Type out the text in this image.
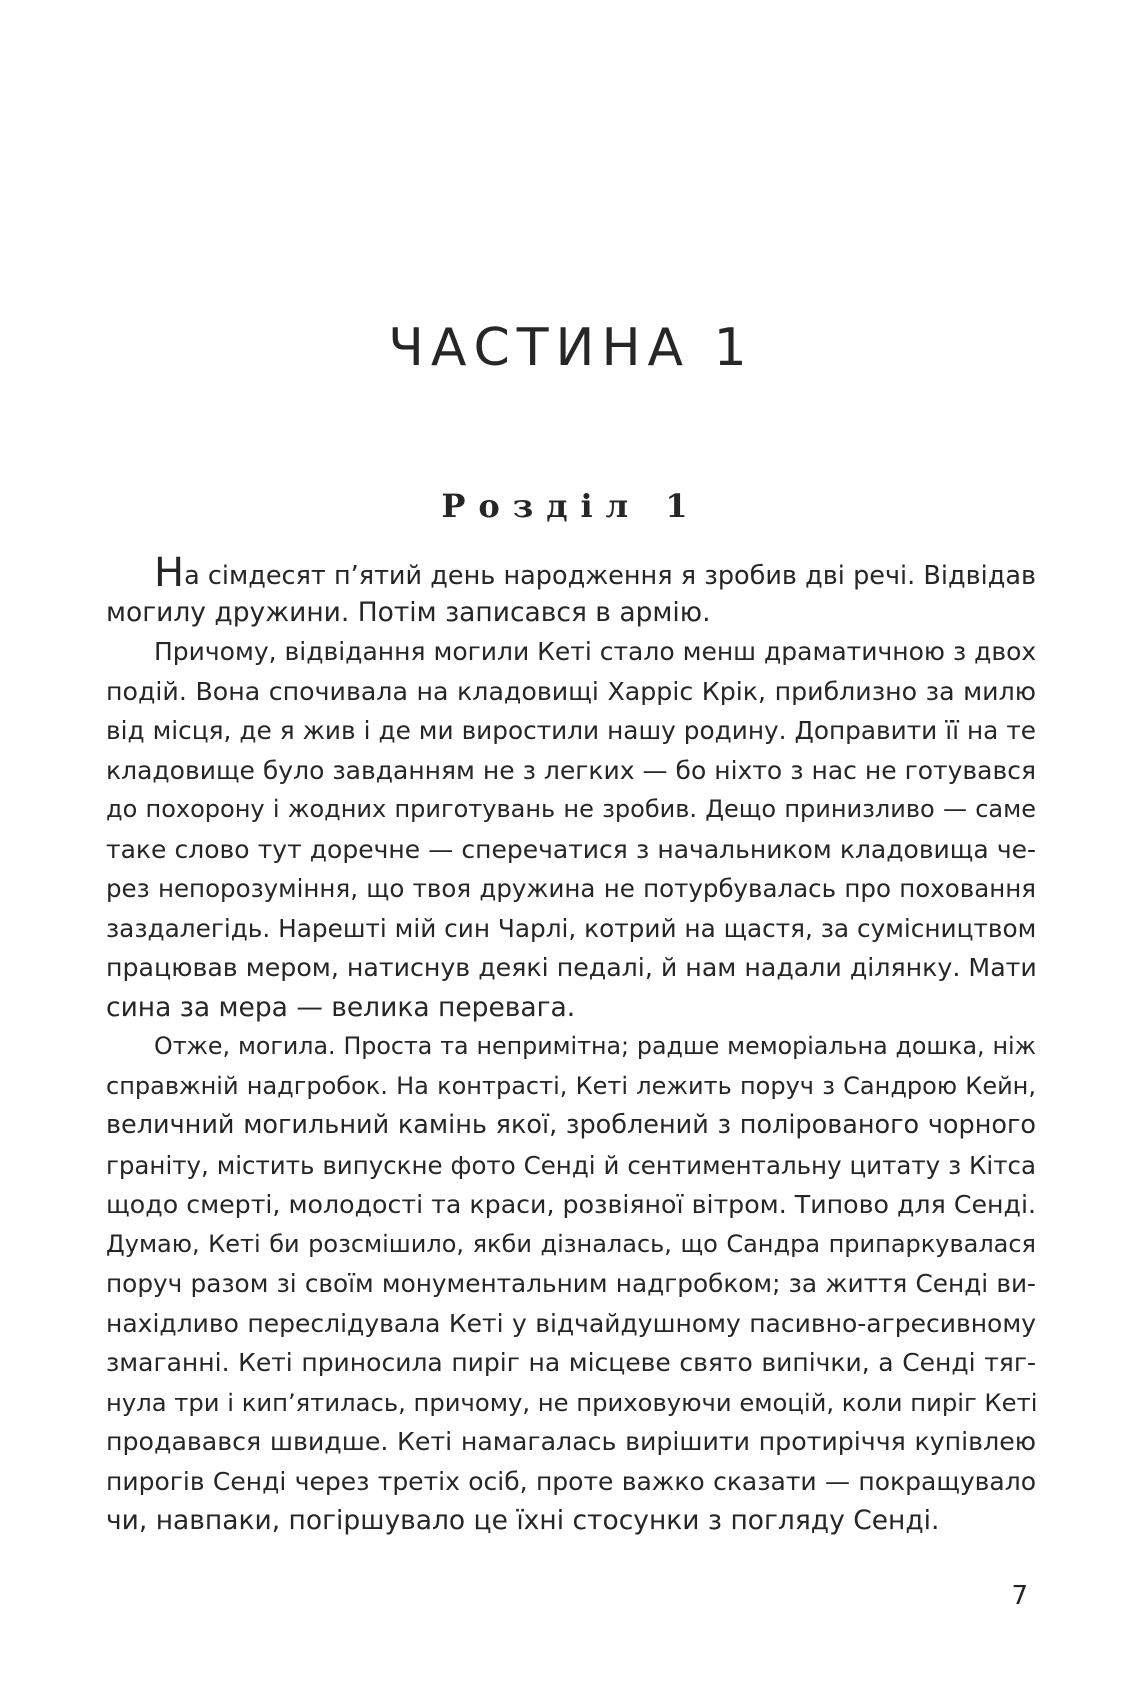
ЧАСТИНА 1
Розділ 1
На сімдесят п’ятий день народження я зробив дві речі. Відвідав
могилу дружини. Потім записався в армію.
Причому, відвідання могили Кеті стало менш драматичною з двох
подій. Вона спочивала на кладовищі Харріс Крік, приблизно за милю
від місця, де я жив і де ми виростили нашу родину. Доправити її на те
кладовище було завданням не з легких — бо ніхто з нас не готувався
до похорону і жодних приготувань не зробив. Дещо принизливо — саме
таке слово тут доречне — сперечатися з начальником кладовища че-
рез непорозуміння, що твоя дружина не потурбувалась про поховання
заздалегідь. Нарешті мій син Чарлі, котрий на щастя, за сумісництвом
працював мером, натиснув деякі педалі, й нам надали ділянку. Мати
сина за мера — велика перевага.
Отже, могила. Проста та непримітна; радше меморіальна дошка, ніж
справжній надгробок. На контрасті, Кеті лежить поруч з Сандрою Кейн,
величний могильний камінь якої, зроблений з полірованого чорного
граніту, містить випускне фото Сенді й сентиментальну цитату з Кітса
щодо смерті, молодості та краси, розвіяної вітром. Типово для Сенді.
Думаю, Кеті би розсмішило, якби дізналась, що Сандра припаркувалася
поруч разом зі своїм монументальним надгробком; за життя Сенді ви-
нахідливо переслідувала Кеті у відчайдушному пасивно-агресивному
змаганні. Кеті приносила пиріг на місцеве свято випічки, а Сенді тяг-
нула три і кип’ятилась, причому, не приховуючи емоцій, коли пиріг Кеті
продавався швидше. Кеті намагалась вирішити протиріччя купівлею
пирогів Сенді через третіх осіб, проте важко сказати — покращувало
чи, навпаки, погіршувало це їхні стосунки з погляду Сенді.
7
